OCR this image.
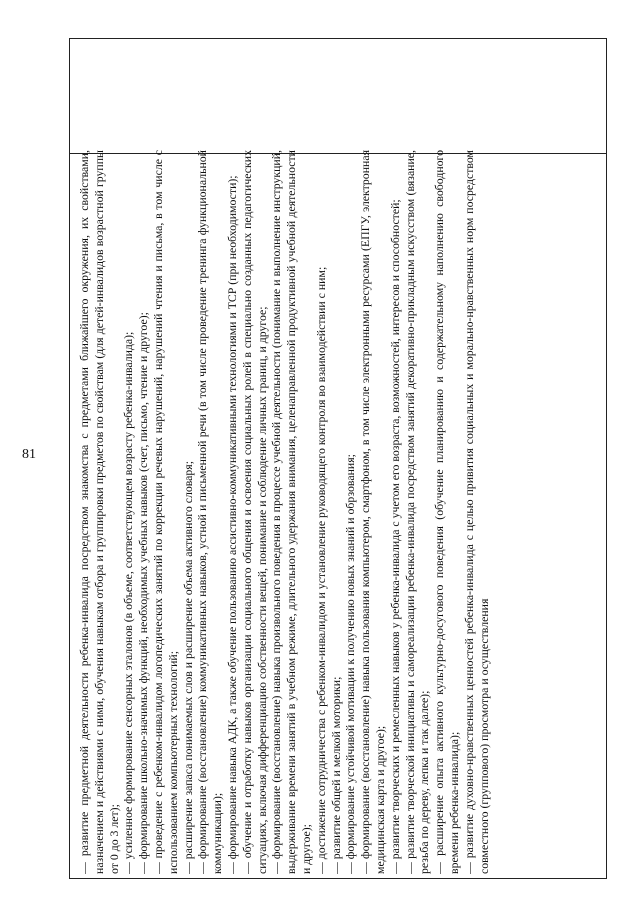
81	— развитие предметной деятельности ребенка-инвалида посредством знакомства с предметами ближайшего окружения, их свойствами, назначением и действиями с ними, обучения навыкам отбора и группировки предметов по свойствам (для детей-инвалидов возрастной группы от 0 до 3 лет); — усиленное формирование сенсорных эталонов (в объеме, соответствующем возрасту ребенка-инвалида); — формирование школьно-значимых функций, необходимых учебных навыков (счет, письмо, чтение и другое); — проведение с ребенком-инвалидом логопедических занятий по коррекции речевых нарушений, нарушений чтения и письма, в том числе с использованием компьютерных технологий; — расширение запаса понимаемых слов и расширение объема активного словаря; — формирование (восстановление) коммуникативных навыков, устной и письменной речи (в том числе проведение тренинга функциональной коммуникации); — формирование навыка АДК, а также обучение пользованию ассистивно-коммуникативными технологиями и ТСР (при необходимости); — обучение и отработку навыков организации социального общения и освоения социальных ролей в специально созданных педагогических ситуациях, включая дифференциацию собственности вещей, понимание и соблюдение личных границ, и другое; — формирование (восстановление) навыка произвольного поведения в процессе учебной деятельности (понимание и выполнение инструкций, выдерживание времени занятий в учебном режиме, длительного удержания внимания, целенаправленной продуктивной учебной деятельности и другое); — достижение сотрудничества с ребенком-инвалидом и установление руководящего контроля во взаимодействии с ним; — развитие общей и мелкой моторики; — формирование устойчивой мотивации к получению новых знаний и обрзования; — формирование (восстановление) навыка пользования компьютером, смартфоном, в том числе электронными ресурсами (ЕПГУ, электронная медицинская карта и другое); — развитие творческих и ремесленных навыков у ребенка-инвалида с учетом его возраста, возможностей, интересов и способностей; — развитие творческой инициативы и самореализации ребенка-инвалида посредством занятий декоративно-прикладным искусством (вязание, резьба по дереву, лепка и так далее); — расширение опыта активного культурно-досугового поведения (обучение планированию и содержательному наполнению свободного времени ребенка-инвалида); — развитие духовно-нравственных ценностей ребенка-инвалида с целью привития социальных и морально-нравственных норм посредством совместного (группового) просмотра и осуществления
